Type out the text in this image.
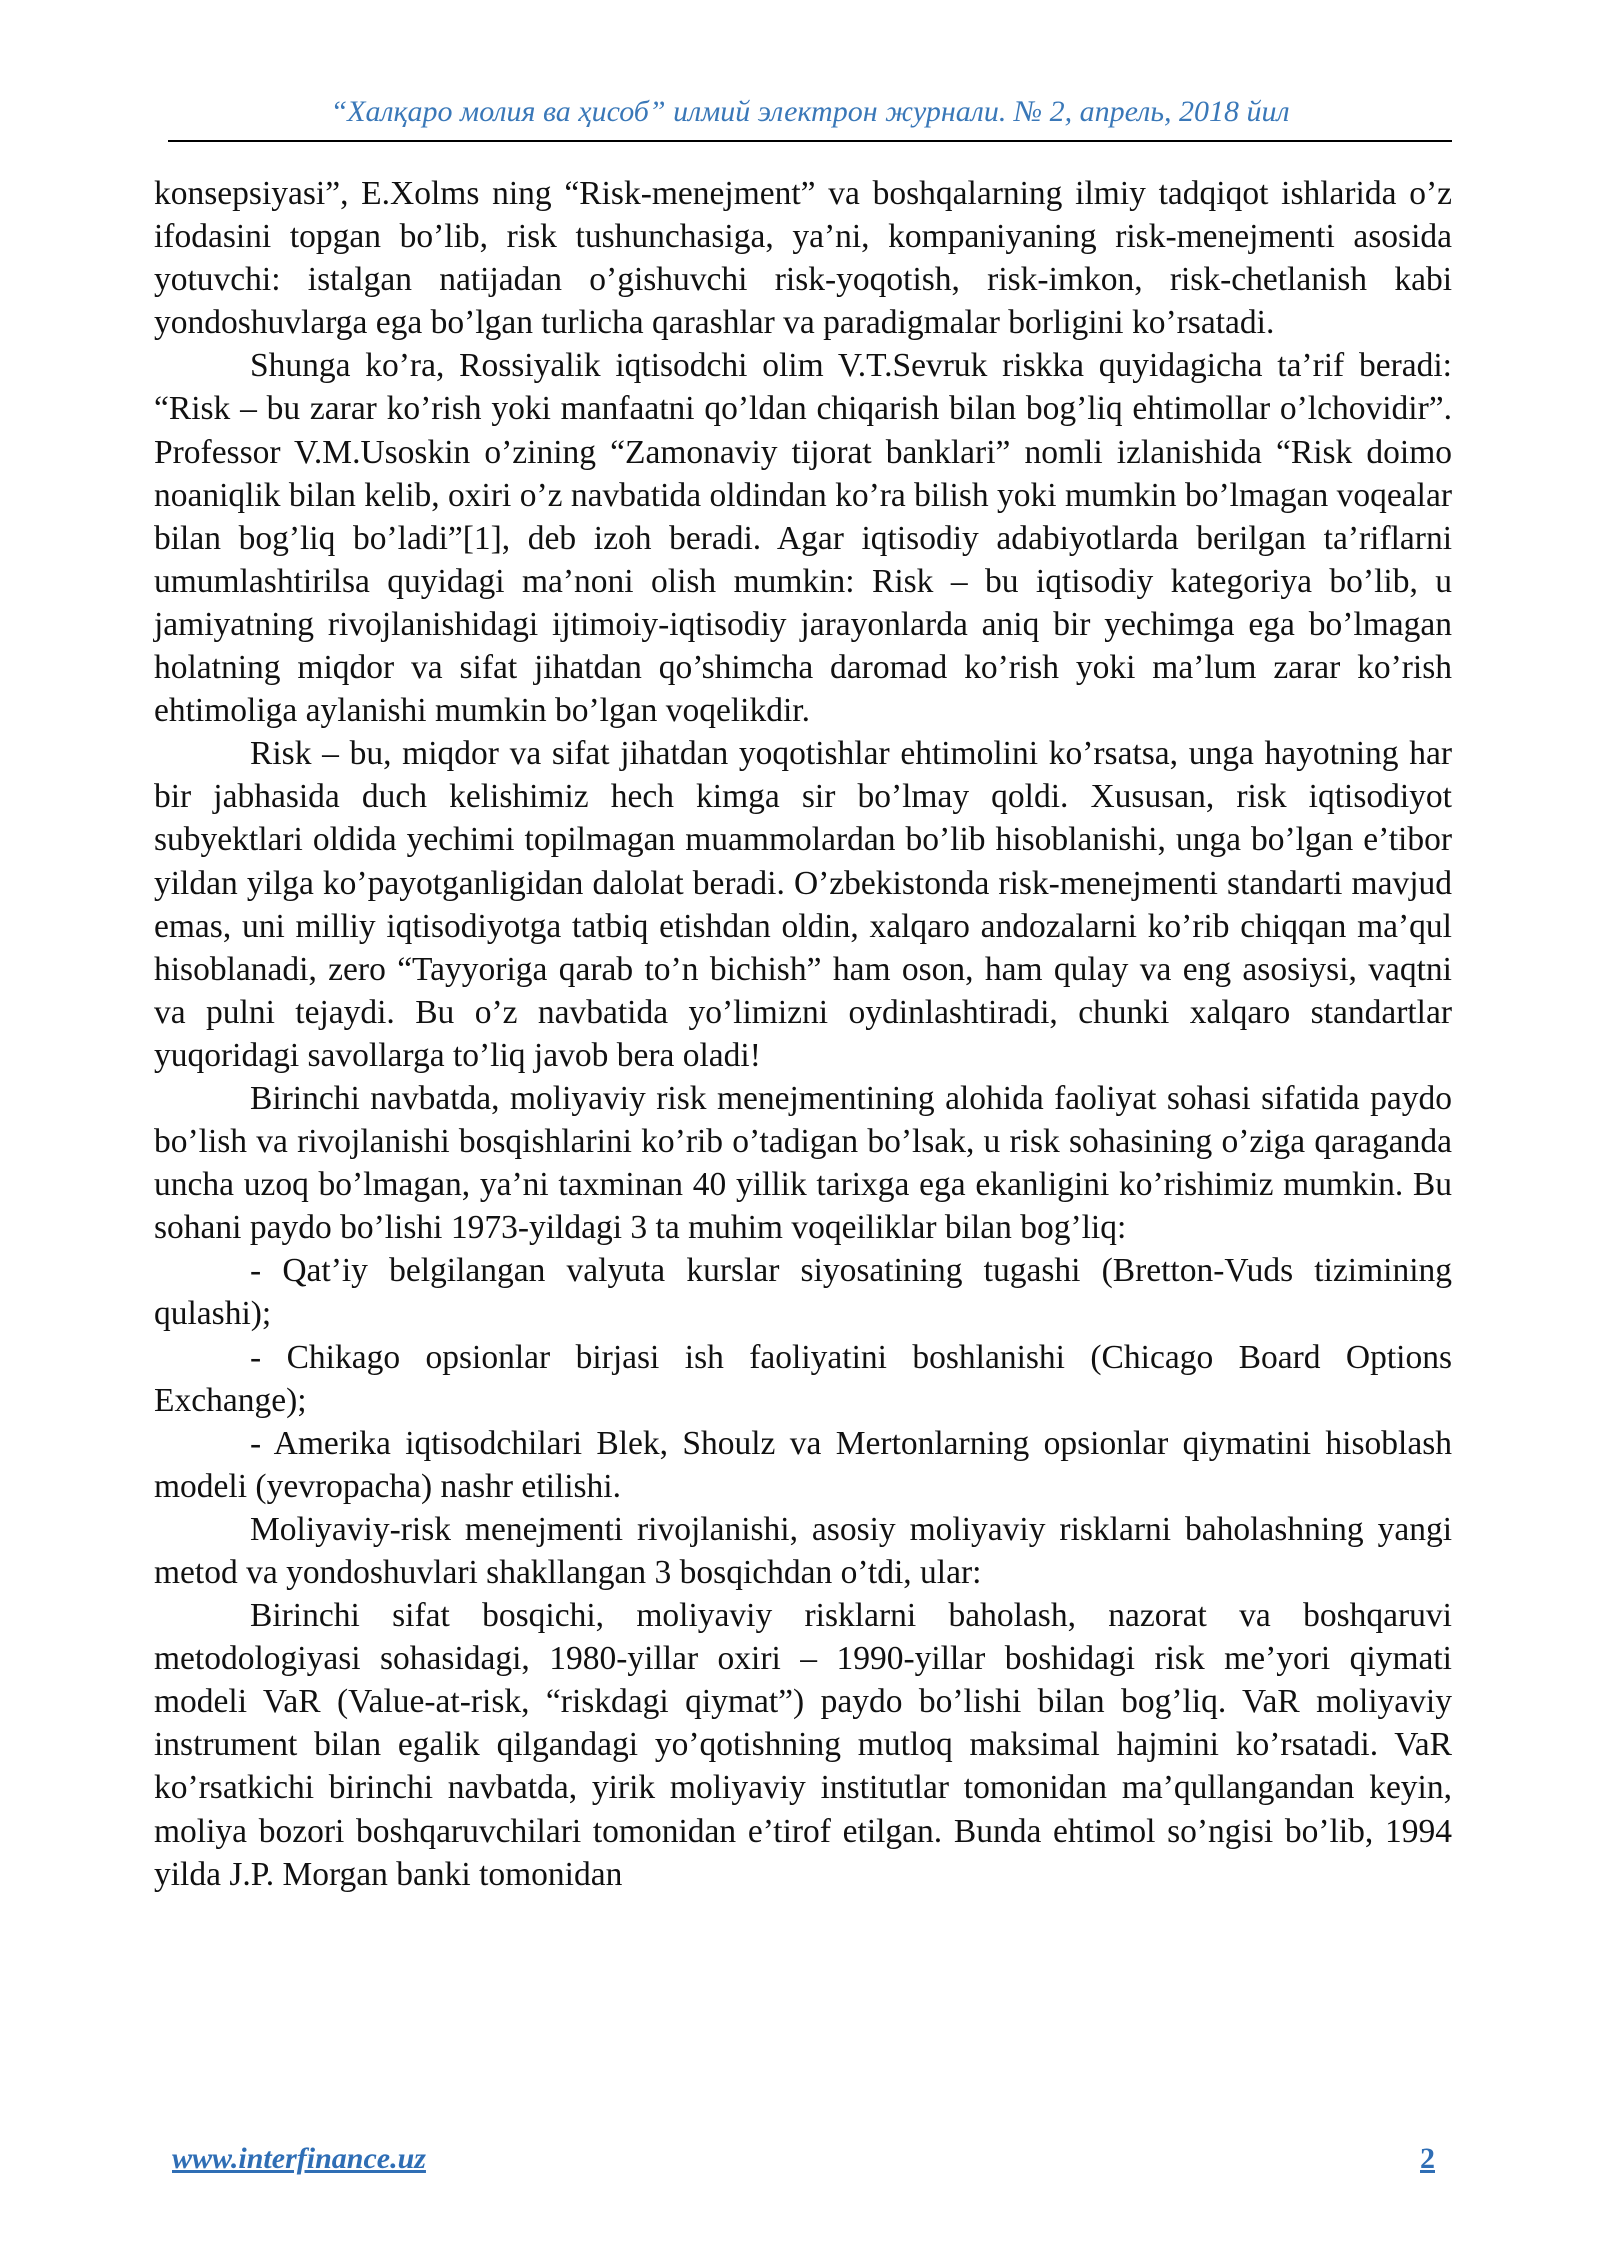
“Халқаро молия ва ҳисоб” илмий электрон журнали. № 2, апрель, 2018 йил

konsepsiyasi”, E.Xolms ning “Risk-menejment” va boshqalarning ilmiy tadqiqot ishlarida o’z ifodasini topgan bo’lib, risk tushunchasiga, ya’ni, kompaniyaning risk-menejmenti asosida yotuvchi: istalgan natijadan o’gishuvchi risk-yoqotish, risk-imkon, risk-chetlanish kabi yondoshuvlarga ega bo’lgan turlicha qarashlar va paradigmalar borligini ko’rsatadi.

Shunga ko’ra, Rossiyalik iqtisodchi olim V.T.Sevruk riskka quyidagicha ta’rif beradi: “Risk – bu zarar ko’rish yoki manfaatni qo’ldan chiqarish bilan bog’liq ehtimollar o’lchovidir”. Professor V.M.Usoskin o’zining “Zamonaviy tijorat banklari” nomli izlanishida “Risk doimo noaniqlik bilan kelib, oxiri o’z navbatida oldindan ko’ra bilish yoki mumkin bo’lmagan voqealar bilan bog’liq bo’ladi”[1], deb izoh beradi. Agar iqtisodiy adabiyotlarda berilgan ta’riflarni umumlashtirilsa quyidagi ma’noni olish mumkin: Risk – bu iqtisodiy kategoriya bo’lib, u jamiyatning rivojlanishidagi ijtimoiy-iqtisodiy jarayonlarda aniq bir yechimga ega bo’lmagan holatning miqdor va sifat jihatdan qo’shimcha daromad ko’rish yoki ma’lum zarar ko’rish ehtimoliga aylanishi mumkin bo’lgan voqelikdir.

Risk – bu, miqdor va sifat jihatdan yoqotishlar ehtimolini ko’rsatsa, unga hayotning har bir jabhasida duch kelishimiz hech kimga sir bo’lmay qoldi. Xususan, risk iqtisodiyot subyektlari oldida yechimi topilmagan muammolardan bo’lib hisoblanishi, unga bo’lgan e’tibor yildan yilga ko’payotganligidan dalolat beradi. O’zbekistonda risk-menejmenti standarti mavjud emas, uni milliy iqtisodiyotga tatbiq etishdan oldin, xalqaro andozalarni ko’rib chiqqan ma’qul hisoblanadi, zero “Tayyoriga qarab to’n bichish” ham oson, ham qulay va eng asosiysi, vaqtni va pulni tejaydi. Bu o’z navbatida yo’limizni oydinlashtiradi, chunki xalqaro standartlar yuqoridagi savollarga to’liq javob bera oladi!

Birinchi navbatda, moliyaviy risk menejmentining alohida faoliyat sohasi sifatida paydo bo’lish va rivojlanishi bosqishlarini ko’rib o’tadigan bo’lsak, u risk sohasining o’ziga qaraganda uncha uzoq bo’lmagan, ya’ni taxminan 40 yillik tarixga ega ekanligini ko’rishimiz mumkin. Bu sohani paydo bo’lishi 1973-yildagi 3 ta muhim voqeiliklar bilan bog’liq:

- Qat’iy belgilangan valyuta kurslar siyosatining tugashi (Bretton-Vuds tizimining qulashi);

- Chikago opsionlar birjasi ish faoliyatini boshlanishi (Chicago Board Options Exchange);

- Amerika iqtisodchilari Blek, Shoulz va Mertonlarning opsionlar qiymatini hisoblash modeli (yevropacha) nashr etilishi.

Moliyaviy-risk menejmenti rivojlanishi, asosiy moliyaviy risklarni baholashning yangi metod va yondoshuvlari shakllangan 3 bosqichdan o’tdi, ular:

Birinchi sifat bosqichi, moliyaviy risklarni baholash, nazorat va boshqaruvi metodologiyasi sohasidagi, 1980-yillar oxiri – 1990-yillar boshidagi risk me’yori qiymati modeli VaR (Value-at-risk, “riskdagi qiymat”) paydo bo’lishi bilan bog’liq. VaR moliyaviy instrument bilan egalik qilgandagi yo’qotishning mutloq maksimal hajmini ko’rsatadi. VaR ko’rsatkichi birinchi navbatda, yirik moliyaviy institutlar tomonidan ma’qullangandan keyin, moliya bozori boshqaruvchilari tomonidan e’tirof etilgan. Bunda ehtimol so’ngisi bo’lib, 1994 yilda J.P. Morgan banki tomonidan

www.interfinance.uz	2
